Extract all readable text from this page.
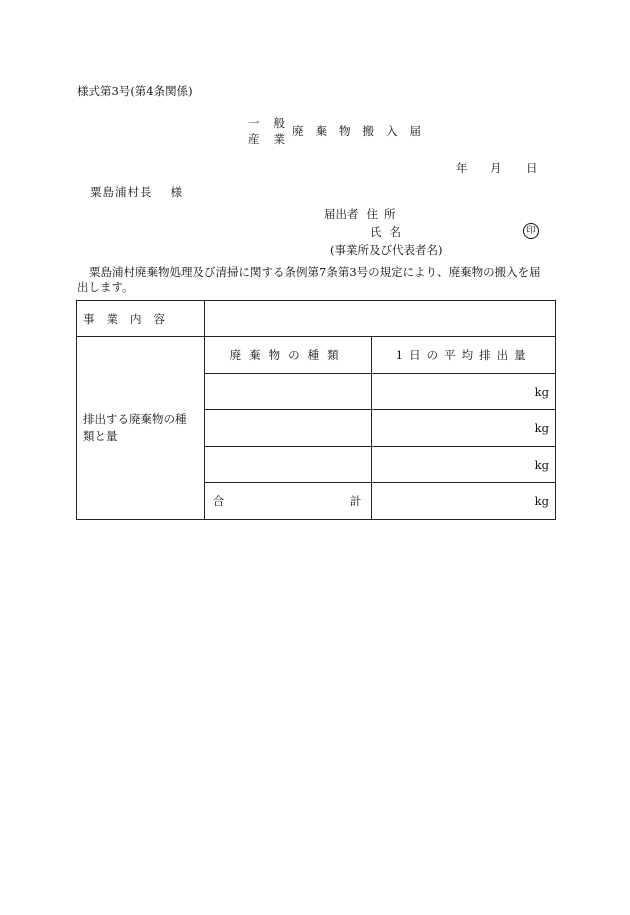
様式第3号(第4条関係)
一般
産業
廃棄物搬入届
年 月 日
粟島浦村長 様
届出者 住所
氏名	印
(事業所及び代表者名)
粟島浦村廃棄物処理及び清掃に関する条例第7条第3号の規定により、廃棄物の搬入を届出します。
事業内容		
排出する廃棄物の種類と量	廃棄物の種類	1日の平均排出量
		kg
		kg
		kg

	合 計	kg
